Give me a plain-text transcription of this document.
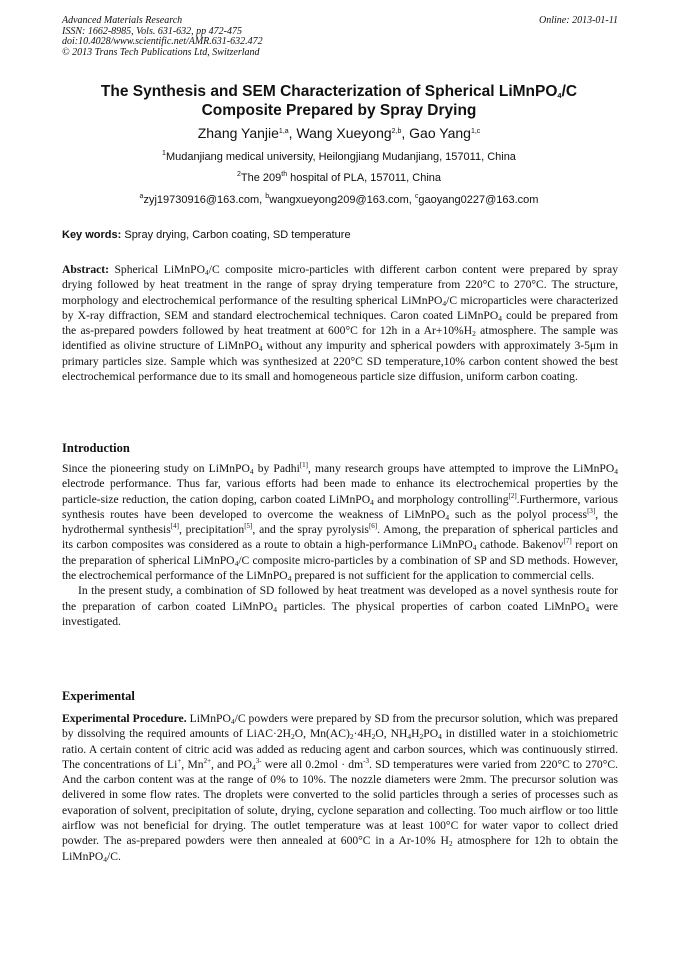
Advanced Materials Research
ISSN: 1662-8985, Vols. 631-632, pp 472-475
doi:10.4028/www.scientific.net/AMR.631-632.472
© 2013 Trans Tech Publications Ltd, Switzerland
Online: 2013-01-11
The Synthesis and SEM Characterization of Spherical LiMnPO$_4$/C
Composite Prepared by Spray Drying
Zhang Yanjie$^{1,a}$, Wang Xueyong$^{2,b}$, Gao Yang$^{1,c}$
$^1$Mudanjiang medical university, Heilongjiang Mudanjiang, 157011, China
$^2$The 209th hospital of PLA, 157011, China
$^a$zyj19730916@163.com, $^b$wangxueyong209@163.com, $^c$gaoyang0227@163.com
Key words: Spray drying, Carbon coating, SD temperature
Abstract: Spherical LiMnPO$_4$/C composite micro-particles with different carbon content were prepared by spray drying followed by heat treatment in the range of spray drying temperature from 220°C to 270°C. The structure, morphology and electrochemical performance of the resulting spherical LiMnPO$_4$/C microparticles were characterized by X-ray diffraction, SEM and standard electrochemical techniques. Caron coated LiMnPO$_4$ could be prepared from the as-prepared powders followed by heat treatment at 600°C for 12h in a $Ar+10\%H_2$ atmosphere. The sample was identified as olivine structure of LiMnPO$_4$ without any impurity and spherical powders with approximately 3-5μm in primary particles size. Sample which was synthesized at 220°C SD temperature,10% carbon content showed the best electrochemical performance due to its small and homogeneous particle size diffusion, uniform carbon coating.
Introduction
Since the pioneering study on LiMnPO$_4$ by Padhi[1], many research groups have attempted to improve the LiMnPO$_4$ electrode performance. Thus far, various efforts had been made to enhance its electrochemical properties by the particle-size reduction, the cation doping, carbon coated LiMnPO$_4$ and morphology controlling[2].Furthermore, various synthesis routes have been developed to overcome the weakness of LiMnPO$_4$ such as the polyol process[3], the hydrothermal synthesis[4], precipitation[5], and the spray pyrolysis[6]. Among, the preparation of spherical particles and its carbon composites was considered as a route to obtain a high-performance LiMnPO$_4$ cathode. Bakenov[7] report on the preparation of spherical LiMnPO$_4$/C composite micro-particles by a combination of SP and SD methods. However, the electrochemical performance of the LiMnPO$_4$ prepared is not sufficient for the application to commercial cells.
In the present study, a combination of SD followed by heat treatment was developed as a novel synthesis route for the preparation of carbon coated LiMnPO$_4$ particles. The physical properties of carbon coated LiMnPO$_4$ were investigated.
Experimental
Experimental Procedure. LiMnPO$_4$/C powders were prepared by SD from the precursor solution, which was prepared by dissolving the required amounts of $LiAC\cdot 2H_2O$, $Mn(AC)_2\cdot 4H_2O$, $NH_4H_2PO_4$ in distilled water in a stoichiometric ratio. A certain content of citric acid was added as reducing agent and carbon sources, which was continuously stirred. The concentrations of Li+, $Mn^{2+}$, and $PO_4^{3-}$ were all $0.2mol \cdot dm^{-3}$. SD temperatures were varied from 220°C to 270°C. And the carbon content was at the range of 0% to 10%. The nozzle diameters were 2mm. The precursor solution was delivered in some flow rates. The droplets were converted to the solid particles through a series of processes such as evaporation of solvent, precipitation of solute, drying, cyclone separation and collecting. Too much airflow or too little airflow was not beneficial for drying. The outlet temperature was at least 100°C for water vapor to collect dried powder. The as-prepared powders were then annealed at 600°C in a Ar-10% $H_2$ atmosphere for 12h to obtain the LiMnPO$_4$/C.
